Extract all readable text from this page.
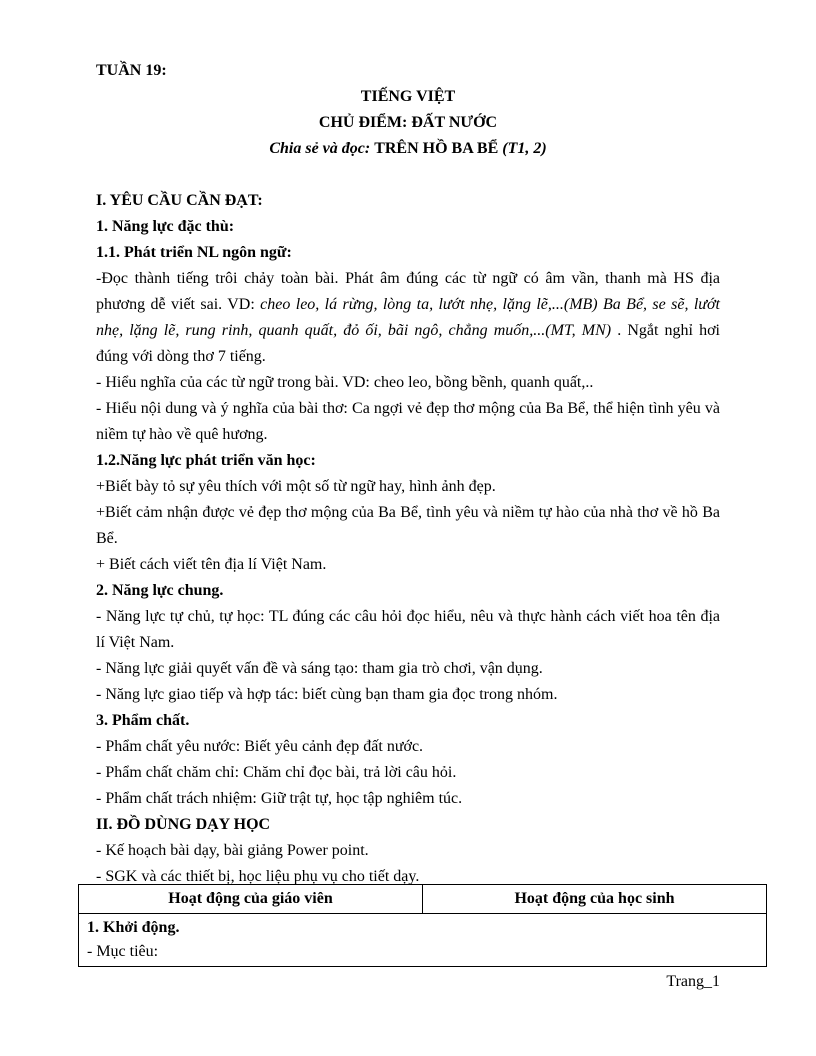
TUẦN 19:

TIẾNG VIỆT

CHỦ ĐIỂM: ĐẤT NƯỚC

Chia sẻ và đọc: TRÊN HỒ BA BỂ (T1, 2)

I. YÊU CẦU CẦN ĐẠT:

1. Năng lực đặc thù:

1.1. Phát triển NL ngôn ngữ:

-Đọc thành tiếng trôi chảy toàn bài. Phát âm đúng các từ ngữ có âm vần, thanh mà HS địa phương dễ viết sai. VD: cheo leo, lá rừng, lòng ta, lướt nhẹ, lặng lẽ,...(MB) Ba Bể, se sẽ, lướt nhẹ, lặng lẽ, rung rinh, quanh quất, đỏ ối, bãi ngô, chẳng muốn,...(MT, MN) . Ngắt nghỉ hơi đúng với dòng thơ 7 tiếng.

- Hiểu nghĩa của các từ ngữ trong bài. VD: cheo leo, bồng bềnh, quanh quất,..

- Hiểu nội dung và ý nghĩa của bài thơ: Ca ngợi vẻ đẹp thơ mộng của Ba Bể, thể hiện tình yêu và niềm tự hào về quê hương.

1.2.Năng lực phát triển văn học:

+Biết bày tỏ sự yêu thích với một số từ ngữ hay, hình ảnh đẹp.

+Biết cảm nhận được vẻ đẹp thơ mộng của Ba Bể, tình yêu và niềm tự hào của nhà thơ về hồ Ba Bể.

+ Biết cách viết tên địa lí Việt Nam.

2. Năng lực chung.

- Năng lực tự chủ, tự học: TL đúng các câu hỏi đọc hiểu, nêu và thực hành cách viết hoa tên địa lí Việt Nam.

- Năng lực giải quyết vấn đề và sáng tạo: tham gia trò chơi, vận dụng.

- Năng lực giao tiếp và hợp tác: biết cùng bạn tham gia đọc trong nhóm.

3. Phẩm chất.

- Phẩm chất yêu nước: Biết yêu cảnh đẹp đất nước.

- Phẩm chất chăm chỉ: Chăm chỉ đọc bài, trả lời câu hỏi.

- Phẩm chất trách nhiệm: Giữ trật tự, học tập nghiêm túc.

II. ĐỒ DÙNG DẠY HỌC

- Kế hoạch bài dạy, bài giảng Power point.

- SGK và các thiết bị, học liệu phụ vụ cho tiết dạy.

Hoạt động của giáo viên	Hoạt động của học sinh

1. Khởi động.
- Mục tiêu:
Trang_1
